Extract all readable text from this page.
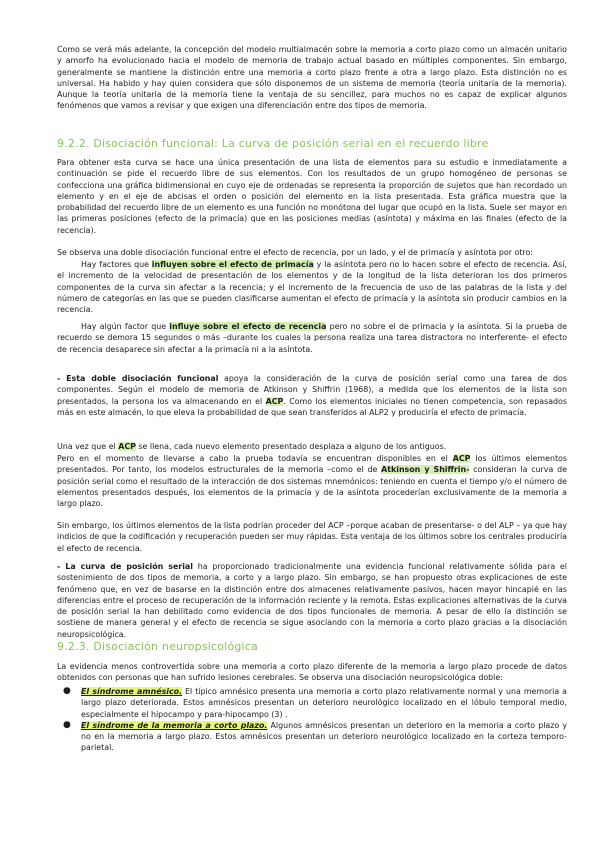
Como se verá más adelante, la concepción del modelo multialmacén sobre la memoria a corto plazo como un almacén unitario y amorfo ha evolucionado hacia el modelo de memoria de trabajo actual basado en múltiples componentes. Sin embargo, generalmente se mantiene la distinción entre una memoria a corto plazo frente a otra a largo plazo. Esta distinción no es universal. Ha habido y hay quien considera que sólo disponemos de un sistema de memoria (teoría unitaria de la memoria). Aunque la teoría unitaria de la memoria tiene la ventaja de su sencillez, para muchos no es capaz de explicar algunos fenómenos que vamos a revisar y que exigen una diferenciación entre dos tipos de memoria.

9.2.2. Disociación funcional: La curva de posición serial en el recuerdo libre

Para obtener esta curva se hace una única presentación de una lista de elementos para su estudio e inmediatamente a continuación se pide el recuerdo libre de sus elementos. Con los resultados de un grupo homogéneo de personas se confecciona una gráfica bidimensional en cuyo eje de ordenadas se representa la proporción de sujetos que han recordado un elemento y en el eje de abcisas el orden o posición del elemento en la lista presentada. Esta gráfica muestra que la probabilidad del recuerdo libre de un elemento es una función no monótona del lugar que ocupó en la lista. Suele ser mayor en las primeras posiciones (efecto de la primacía) que en las posiciones medias (asíntota) y máxima en las finales (efecto de la recencia).

Se observa una doble disociación funcional entre el efecto de recencia, por un lado, y el de primacía y asíntota por otro:

Hay factores que influyen sobre el efecto de primacía y la asíntota pero no lo hacen sobre el efecto de recencia. Así, el incremento de la velocidad de presentación de los elementos y de la longitud de la lista deterioran los dos primeros componentes de la curva sin afectar a la recencia; y el incremento de la frecuencia de uso de las palabras de la lista y del número de categorías en las que se pueden clasificarse aumentan el efecto de primacía y la asíntota sin producir cambios en la recencia.

Hay algún factor que influye sobre el efecto de recencia pero no sobre el de primacía y la asíntota. Si la prueba de recuerdo se demora 15 segundos o más –durante los cuales la persona realiza una tarea distractora no interferente- el efecto de recencia desaparece sin afectar a la primacía ni a la asíntota.

- Esta doble disociación funcional apoya la consideración de la curva de posición serial como una tarea de dos componentes. Según el modelo de memoria de Atkinson y Shiffrin (1968), a medida que los elementos de la lista son presentados, la persona los va almacenando en el ACP. Como los elementos iniciales no tienen competencia, son repasados más en este almacén, lo que eleva la probabilidad de que sean transferidos al ALP2 y produciría el efecto de primacía.

Una vez que el ACP se llena, cada nuevo elemento presentado desplaza a alguno de los antiguos.

Pero en el momento de llevarse a cabo la prueba todavía se encuentran disponibles en el ACP los últimos elementos presentados. Por tanto, los modelos estructurales de la memoria –como el de Atkinson y Shiffrin- consideran la curva de posición serial como el resultado de la interacción de dos sistemas mnemónicos: teniendo en cuenta el tiempo y/o el número de elementos presentados después, los elementos de la primacía y de la asíntota procederían exclusivamente de la memoria a largo plazo.

Sin embargo, los últimos elementos de la lista podrían proceder del ACP –porque acaban de presentarse- o del ALP – ya que hay indicios de que la codificación y recuperación pueden ser muy rápidas. Esta ventaja de los últimos sobre los centrales produciría el efecto de recencia.

- La curva de posición serial ha proporcionado tradicionalmente una evidencia funcional relativamente sólida para el sostenimiento de dos tipos de memoria, a corto y a largo plazo. Sin embargo, se han propuesto otras explicaciones de este fenómeno que, en vez de basarse en la distinción entre dos almacenes relativamente pasivos, hacen mayor hincapié en las diferencias entre el proceso de recuperación de la información reciente y la remota. Estas explicaciones alternativas de la curva de posición serial la han debilitado como evidencia de dos tipos funcionales de memoria. A pesar de ello la distinción se sostiene de manera general y el efecto de recencia se sigue asociando con la memoria a corto plazo gracias a la disociación neuropsicológica.

9.2.3. Disociación neuropsicológica

La evidencia menos controvertida sobre una memoria a corto plazo diferente de la memoria a largo plazo procede de datos obtenidos con personas que han sufrido lesiones cerebrales. Se observa una disociación neuropsicológica doble:

● El síndrome amnésico. El típico amnésico presenta una memoria a corto plazo relativamente normal y una memoria a largo plazo deteriorada. Estos amnésicos presentan un deterioro neurológico localizado en el lóbulo temporal medio, especialmente el hipocampo y para-hipocampo (3) .
● El síndrome de la memoria a corto plazo. Algunos amnésicos presentan un deterioro en la memoria a corto plazo y no en la memoria a largo plazo. Estos amnésicos presentan un deterioro neurológico localizado en la corteza temporo-parietal.
